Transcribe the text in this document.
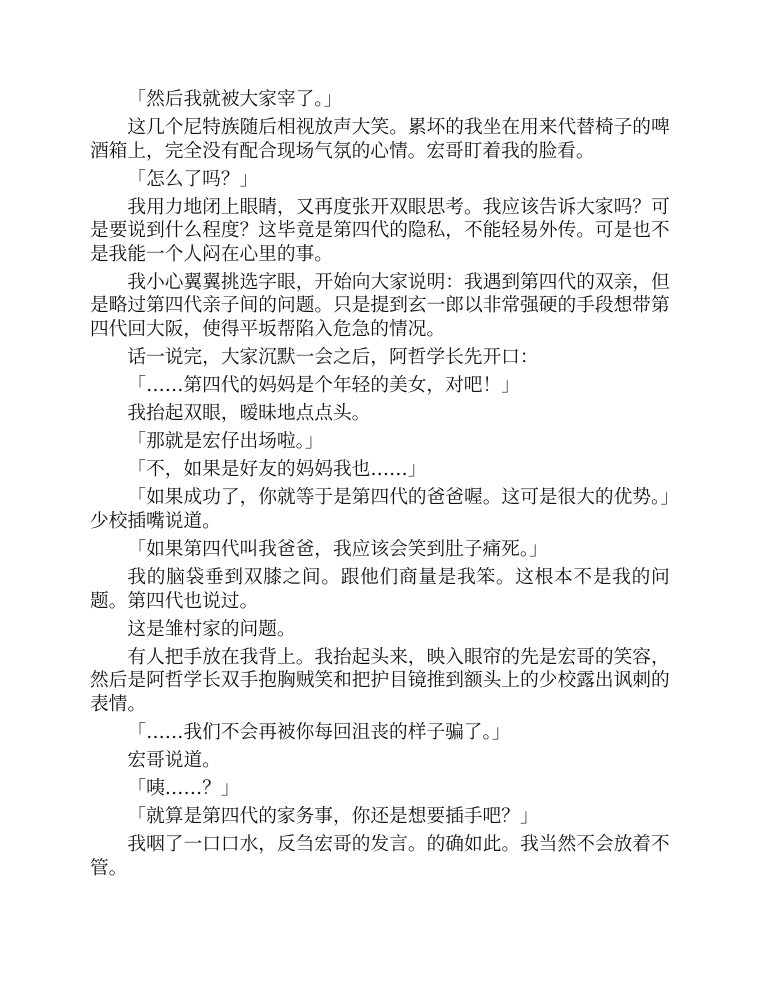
「然后我就被大家宰了。」

这几个尼特族随后相视放声大笑。累坏的我坐在用来代替椅子的啤酒箱上，完全没有配合现场气氛的心情。宏哥盯着我的脸看。

「怎么了吗？」

我用力地闭上眼睛，又再度张开双眼思考。我应该告诉大家吗？可是要说到什么程度？这毕竟是第四代的隐私，不能轻易外传。可是也不是我能一个人闷在心里的事。

我小心翼翼挑选字眼，开始向大家说明：我遇到第四代的双亲，但是略过第四代亲子间的问题。只是提到玄一郎以非常强硬的手段想带第四代回大阪，使得平坂帮陷入危急的情况。

话一说完，大家沉默一会之后，阿哲学长先开口：

「……第四代的妈妈是个年轻的美女，对吧！」

我抬起双眼，暧昧地点点头。

「那就是宏仔出场啦。」

「不，如果是好友的妈妈我也……」

「如果成功了，你就等于是第四代的爸爸喔。这可是很大的优势。」少校插嘴说道。

「如果第四代叫我爸爸，我应该会笑到肚子痛死。」

我的脑袋垂到双膝之间。跟他们商量是我笨。这根本不是我的问题。第四代也说过。

这是雏村家的问题。

有人把手放在我背上。我抬起头来，映入眼帘的先是宏哥的笑容，然后是阿哲学长双手抱胸贼笑和把护目镜推到额头上的少校露出讽刺的表情。

「……我们不会再被你每回沮丧的样子骗了。」

宏哥说道。

「咦……？」

「就算是第四代的家务事，你还是想要插手吧？」

我咽了一口口水，反刍宏哥的发言。的确如此。我当然不会放着不管。
